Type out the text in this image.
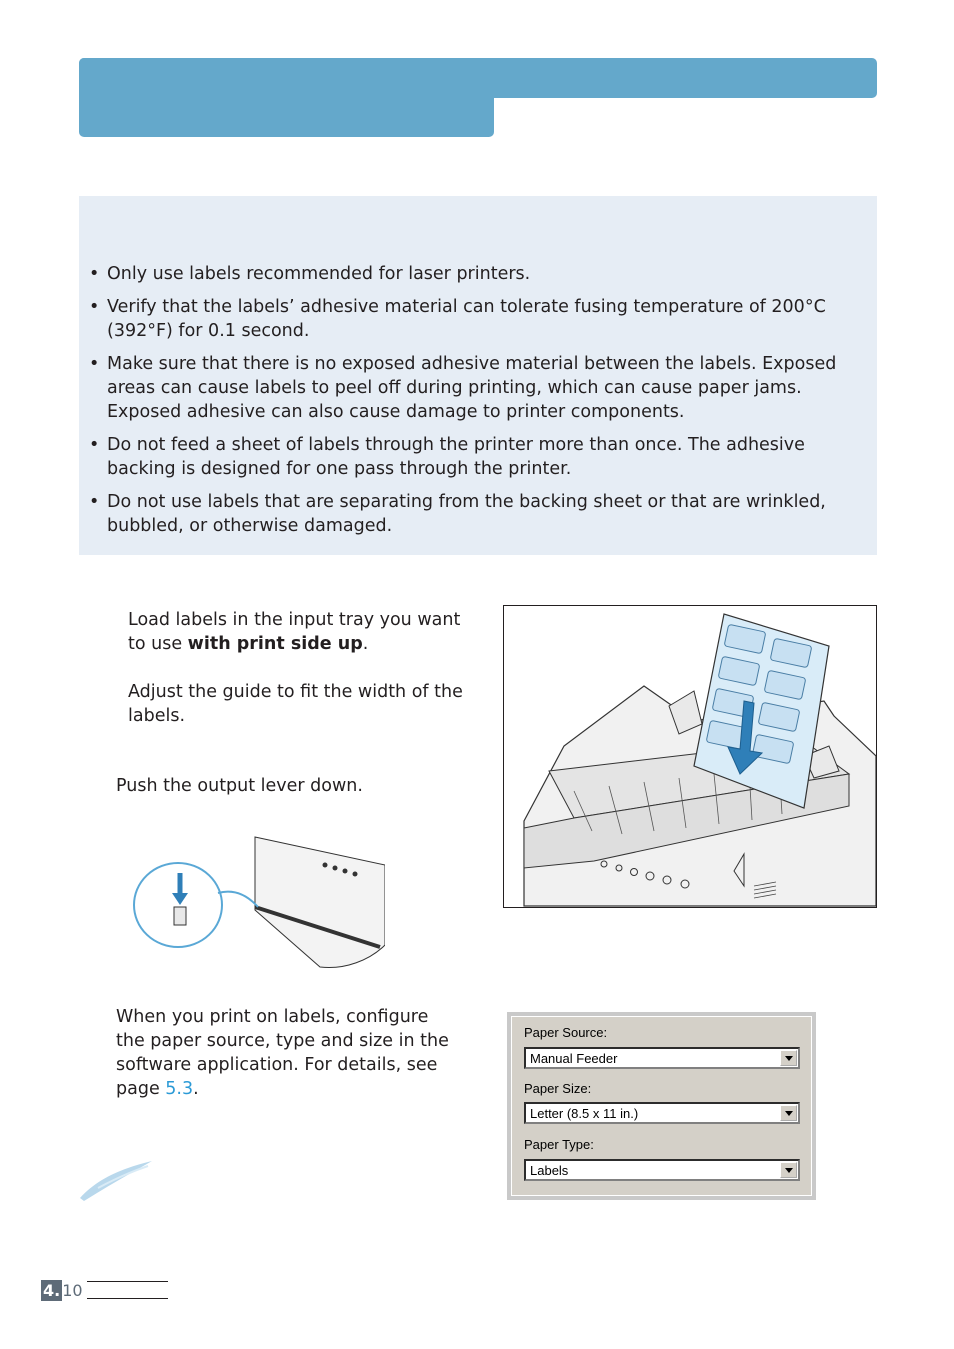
• Only use labels recommended for laser printers.
• Verify that the labels’ adhesive material can tolerate fusing temperature of 200°C (392°F) for 0.1 second.
• Make sure that there is no exposed adhesive material between the labels. Exposed areas can cause labels to peel off during printing, which can cause paper jams. Exposed adhesive can also cause damage to printer components.
• Do not feed a sheet of labels through the printer more than once. The adhesive backing is designed for one pass through the printer.
• Do not use labels that are separating from the backing sheet or that are wrinkled, bubbled, or otherwise damaged.
Load labels in the input tray you want to use with print side up.
Adjust the guide to fit the width of the labels.
Push the output lever down.
When you print on labels, configure the paper source, type and size in the software application. For details, see page 5.3.
Paper Source:
Manual Feeder
Paper Size:
Letter (8.5 x 11 in.)
Paper Type:
Labels
4. 10
